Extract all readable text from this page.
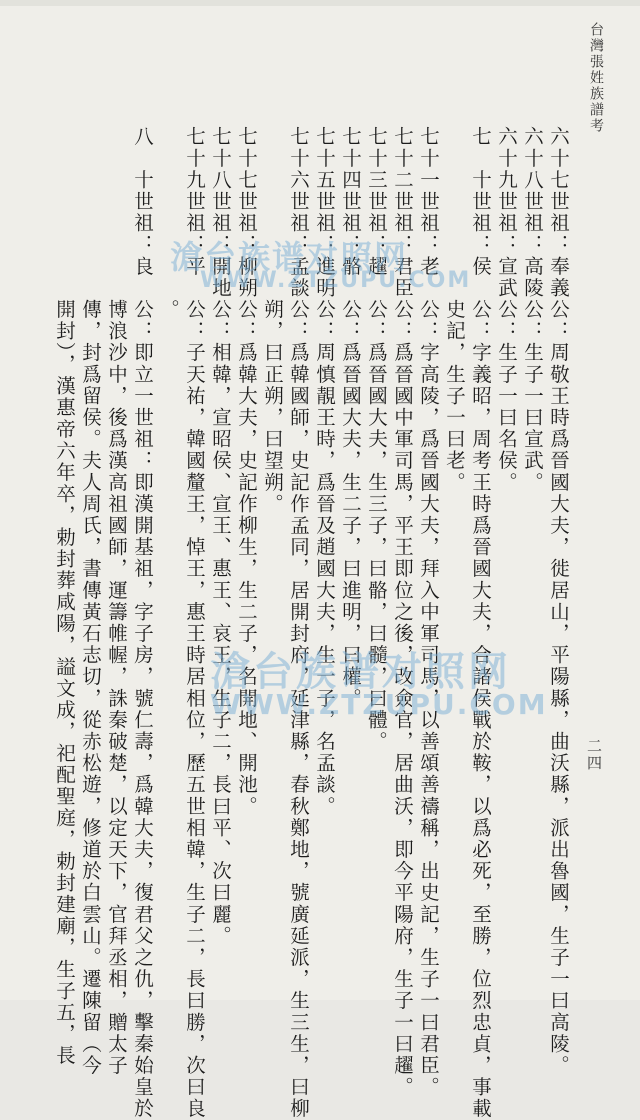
台灣張姓族譜考
二四
六十七世祖：奉義公：周敬王時爲晉國大夫，徙居山，平陽縣，曲沃縣，派出魯國，生子一曰高陵。
六十八世祖：高陵公：生子一曰宣武。
六十九世祖：宣武公：生子一曰名侯。
七　十世祖：侯　公：字義昭，周考王時爲晉國大夫，合諸侯戰於鞍，以爲必死，至勝，位烈忠貞，事載
　　　　　　　　史記，生子一曰老。
七十一世祖：老　公：字高陵，爲晉國大夫，拜入中軍司馬，以善頌善禱稱，出史記，生子一曰君臣。
七十二世祖：君臣公：爲晉國中軍司馬，平王即位之後，改僉官，居曲沃，即今平陽府，生子一曰趯。
七十三世祖：趯　公：爲晉國大夫，生三子，曰骼，曰髓，曰體。
七十四世祖：骼　公：爲晉國大夫，生二子，曰進明，曰權。
七十五世祖：進明公：周慎靚王時，爲晉及趙國大夫，生一子，名孟談。
七十六世祖：孟談公：爲韓國師，史記作孟同，居開封府，延津縣，春秋鄭地，號廣延派，生三生，曰柳
　　　　　　　　朔，曰正朔，曰望朔。
七十七世祖：柳朔公：爲韓大夫，史記作柳生，生二子，名開地、開池。
七十八世祖：開地公：相韓，宣昭侯、宣王、惠王、哀王，生子二，長曰平、次曰麗。
七十九世祖：平　公：子天祐，韓國釐王，悼王，惠王時居相位，歷五世相韓，生子二，長曰勝，次曰良
　　　　　　　　。
八　十世祖：良　公：即立一世祖：即漢開基祖，字子房，號仁壽，爲韓大夫，復君父之仇，擊秦始皇於
　　　　　　　　博浪沙中，後爲漢高祖國師，運籌帷幄，誅秦破楚，以定天下，官拜丞相，贈太子
　　　　　　　　傳，封爲留侯。夫人周氏，書傳黃石志切，從赤松遊，修道於白雲山。遷陳留（今
　　　　　　　　開封），漢惠帝六年卒，勅封葬咸陽，謚文成，祀配聖庭，勅封建廟，生子五，長	滄台族谱对照网
WWW.ZTZUPU.COM
滄台族谱对照网
WWW.ZTZUPU.COM
